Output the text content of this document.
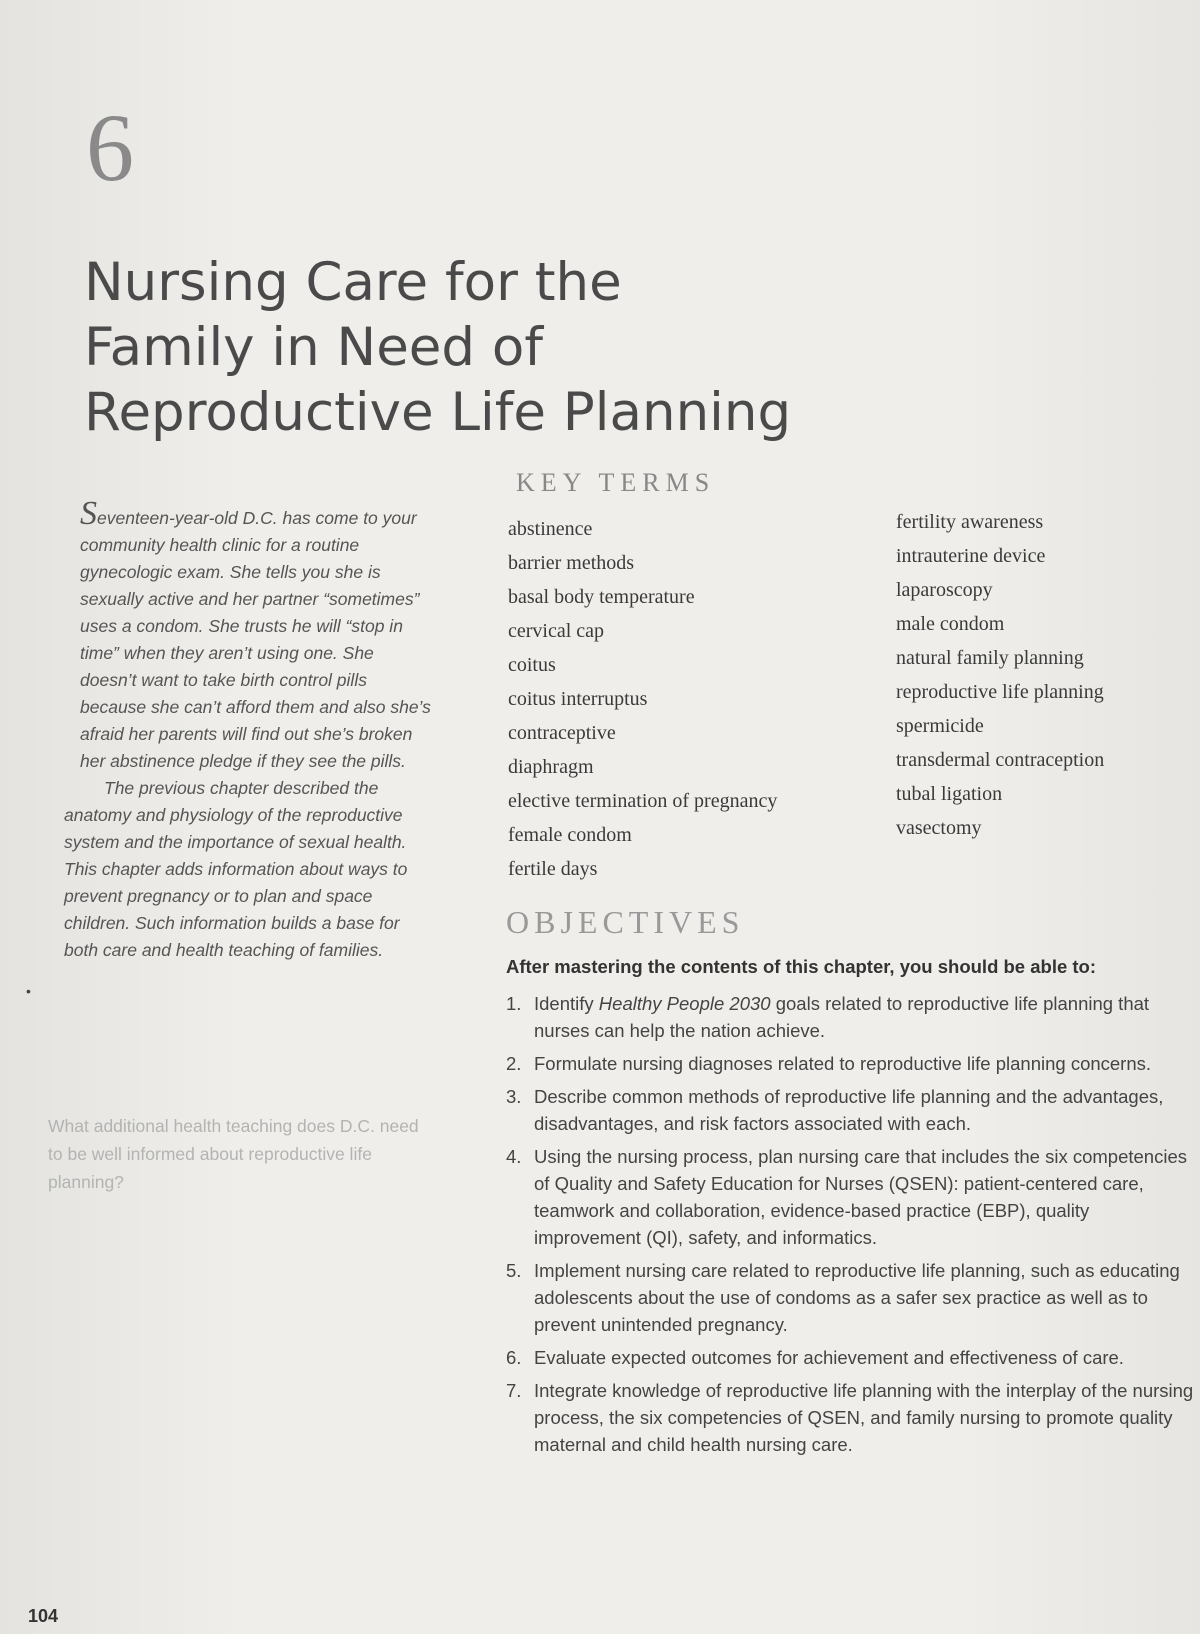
6
Nursing Care for the
Family in Need of
Reproductive Life Planning

Seventeen-year-old D.C. has come to your community health clinic for a routine gynecologic exam. She tells you she is sexually active and her partner “sometimes” uses a condom. She trusts he will “stop in time” when they aren’t using one. She doesn’t want to take birth control pills because she can’t afford them and also she’s afraid her parents will find out she’s broken her abstinence pledge if they see the pills.

The previous chapter described the anatomy and physiology of the reproductive system and the importance of sexual health. This chapter adds information about ways to prevent pregnancy or to plan and space children. Such information builds a base for both care and health teaching of families.

•
What additional health teaching does D.C. need to be well informed about reproductive life planning?
KEY TERMS
abstinence
barrier methods
basal body temperature
cervical cap
coitus
coitus interruptus
contraceptive
diaphragm
elective termination of pregnancy
female condom
fertile days
fertility awareness
intrauterine device
laparoscopy
male condom
natural family planning
reproductive life planning
spermicide
transdermal contraception
tubal ligation
vasectomy
OBJECTIVES

After mastering the contents of this chapter, you should be able to:

1. Identify Healthy People 2030 goals related to reproductive life planning that nurses can help the nation achieve.
2. Formulate nursing diagnoses related to reproductive life planning concerns.
3. Describe common methods of reproductive life planning and the advantages, disadvantages, and risk factors associated with each.
4. Using the nursing process, plan nursing care that includes the six competencies of Quality and Safety Education for Nurses (QSEN): patient-centered care, teamwork and collaboration, evidence-based practice (EBP), quality improvement (QI), safety, and informatics.
5. Implement nursing care related to reproductive life planning, such as educating adolescents about the use of condoms as a safer sex practice as well as to prevent unintended pregnancy.
6. Evaluate expected outcomes for achievement and effectiveness of care.
7. Integrate knowledge of reproductive life planning with the interplay of the nursing process, the six competencies of QSEN, and family nursing to promote quality maternal and child health nursing care.
104
